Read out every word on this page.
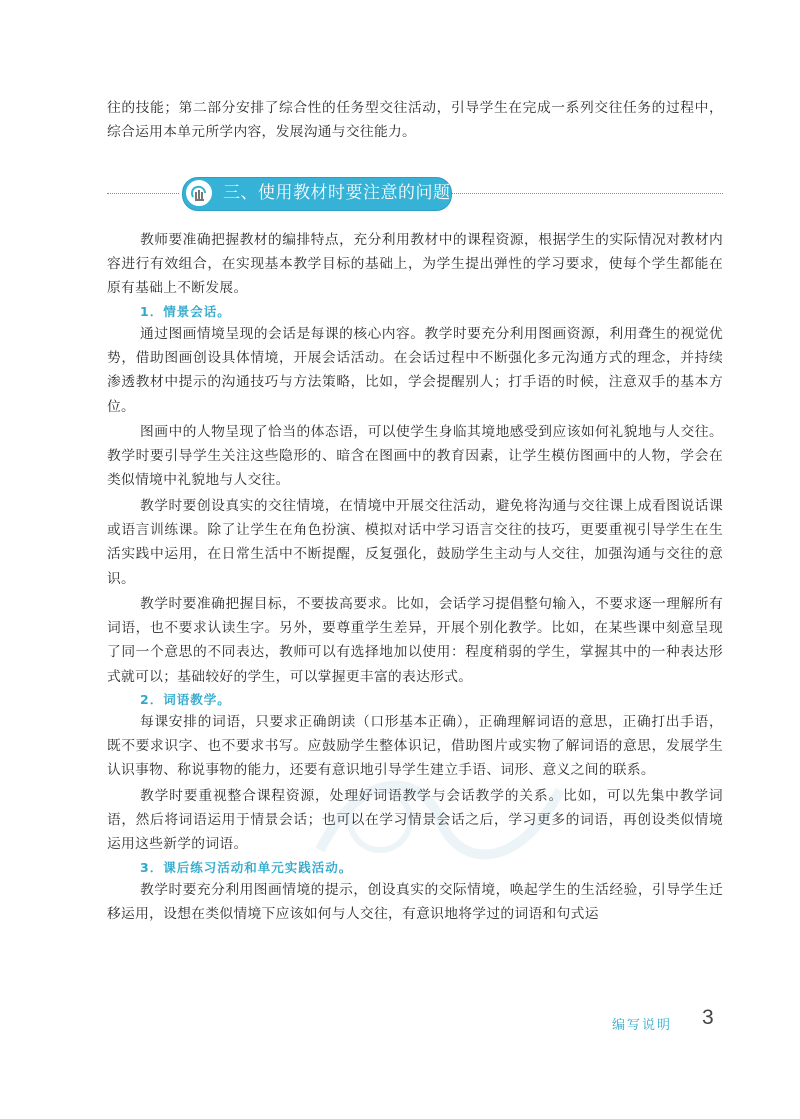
往的技能；第二部分安排了综合性的任务型交往活动，引导学生在完成一系列交往任务的过程中，综合运用本单元所学内容，发展沟通与交往能力。

三、使用教材时要注意的问题

教师要准确把握教材的编排特点，充分利用教材中的课程资源，根据学生的实际情况对教材内容进行有效组合，在实现基本教学目标的基础上，为学生提出弹性的学习要求，使每个学生都能在原有基础上不断发展。

1．情景会话。

通过图画情境呈现的会话是每课的核心内容。教学时要充分利用图画资源，利用聋生的视觉优势，借助图画创设具体情境，开展会话活动。在会话过程中不断强化多元沟通方式的理念，并持续渗透教材中提示的沟通技巧与方法策略，比如，学会提醒别人；打手语的时候，注意双手的基本方位。

图画中的人物呈现了恰当的体态语，可以使学生身临其境地感受到应该如何礼貌地与人交往。教学时要引导学生关注这些隐形的、暗含在图画中的教育因素，让学生模仿图画中的人物，学会在类似情境中礼貌地与人交往。

教学时要创设真实的交往情境，在情境中开展交往活动，避免将沟通与交往课上成看图说话课或语言训练课。除了让学生在角色扮演、模拟对话中学习语言交往的技巧，更要重视引导学生在生活实践中运用，在日常生活中不断提醒，反复强化，鼓励学生主动与人交往，加强沟通与交往的意识。

教学时要准确把握目标，不要拔高要求。比如，会话学习提倡整句输入，不要求逐一理解所有词语，也不要求认读生字。另外，要尊重学生差异，开展个别化教学。比如，在某些课中刻意呈现了同一个意思的不同表达，教师可以有选择地加以使用：程度稍弱的学生，掌握其中的一种表达形式就可以；基础较好的学生，可以掌握更丰富的表达形式。

2．词语教学。

每课安排的词语，只要求正确朗读（口形基本正确），正确理解词语的意思，正确打出手语，既不要求识字、也不要求书写。应鼓励学生整体识记，借助图片或实物了解词语的意思，发展学生认识事物、称说事物的能力，还要有意识地引导学生建立手语、词形、意义之间的联系。

教学时要重视整合课程资源，处理好词语教学与会话教学的关系。比如，可以先集中教学词语，然后将词语运用于情景会话；也可以在学习情景会话之后，学习更多的词语，再创设类似情境运用这些新学的词语。

编写说明 3
3．课后练习活动和单元实践活动。

教学时要充分利用图画情境的提示，创设真实的交际情境，唤起学生的生活经验，引导学生迁移运用，设想在类似情境下应该如何与人交往，有意识地将学过的词语和句式运
